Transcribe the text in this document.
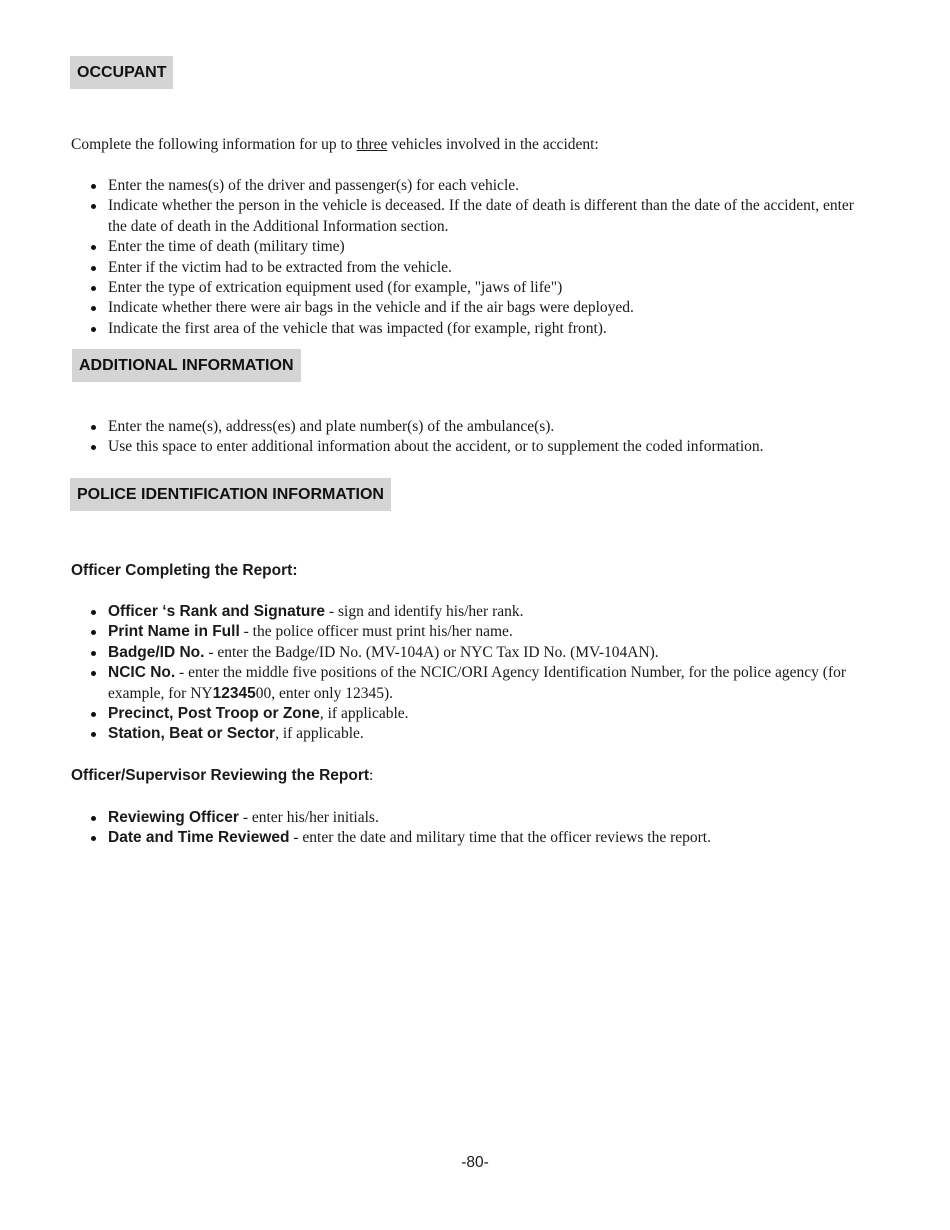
OCCUPANT
Complete the following information for up to three vehicles involved in the accident:
Enter the names(s) of the driver and passenger(s) for each vehicle.
Indicate whether the person in the vehicle is deceased. If the date of death is different than the date of the accident, enter the date of death in the Additional Information section.
Enter the time of death (military time)
Enter if the victim had to be extracted from the vehicle.
Enter the type of extrication equipment used (for example, "jaws of life")
Indicate whether there were air bags in the vehicle and if the air bags were deployed.
Indicate the first area of the vehicle that was impacted (for example, right front).
ADDITIONAL INFORMATION
Enter the name(s), address(es) and plate number(s) of the ambulance(s).
Use this space to enter additional information about the accident, or to supplement the coded information.
POLICE IDENTIFICATION INFORMATION
Officer Completing the Report:
Officer ‘s Rank and Signature - sign and identify his/her rank.
Print Name in Full - the police officer must print his/her name.
Badge/ID No. - enter the Badge/ID No. (MV-104A) or NYC Tax ID No. (MV-104AN).
NCIC No. - enter the middle five positions of the NCIC/ORI Agency Identification Number, for the police agency (for example, for NY1234500, enter only 12345).
Precinct, Post Troop or Zone, if applicable.
Station, Beat or Sector, if applicable.
Officer/Supervisor Reviewing the Report:
Reviewing Officer - enter his/her initials.
Date and Time Reviewed - enter the date and military time that the officer reviews the report.
-80-
